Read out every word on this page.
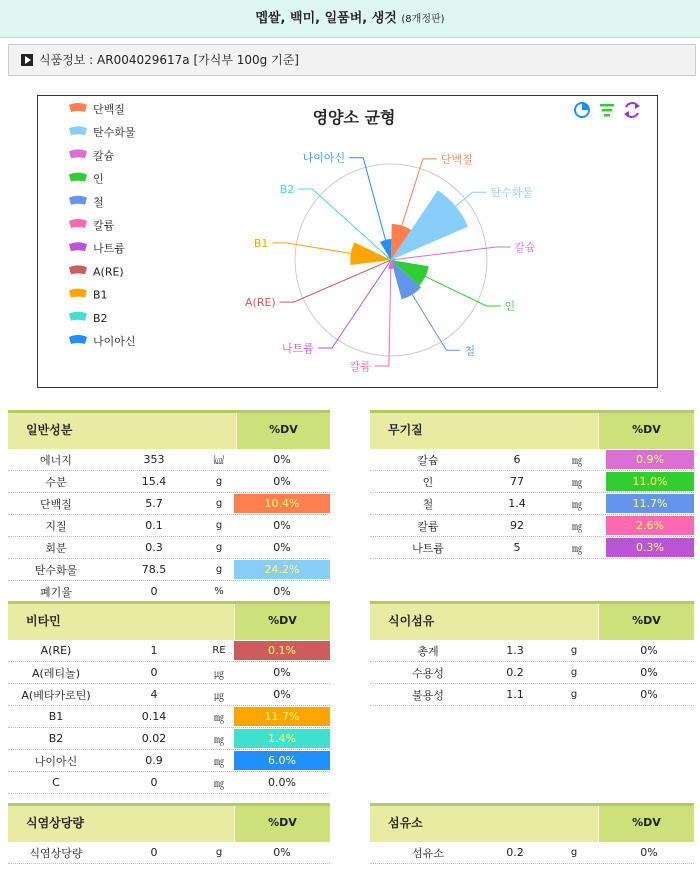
멥쌀, 백미, 일품벼, 생것 (8개정판)
식품정보 : AR004029617a [가식부 100g 기준]
영양소 균형
단백질
탄수화물
칼슘
인
철
칼륨
나트륨
A(RE)
B1
B2
나이아신
단백질
탄수화물
칼슘
인
철
칼륨
나트륨
A(RE)
B1
B2
나이아신
일반성분	%DV
에너지	353	㎉	0%
수분	15.4	g	0%
단백질	5.7	g	10.4%
지질	0.1	g	0%
회분	0.3	g	0%
탄수화물	78.5	g	24.2%
폐기율	0	%	0%
무기질	%DV
칼슘	6	㎎	0.9%
인	77	㎎	11.0%
철	1.4	㎎	11.7%
칼륨	92	㎎	2.6%
나트륨	5	㎎	0.3%
비타민	%DV
A(RE)	1	RE	0.1%
A(레티놀)	0	㎍	0%
A(베타카로틴)	4	㎍	0%
B1	0.14	㎎	11.7%
B2	0.02	㎎	1.4%
나이아신	0.9	㎎	6.0%
C	0	㎎	0.0%
식이섬유	%DV
총계	1.3	g	0%
수용성	0.2	g	0%
불용성	1.1	g	0%
식염상당량	%DV
식염상당량	0	g	0%
섬유소	%DV
섬유소	0.2	g	0%
